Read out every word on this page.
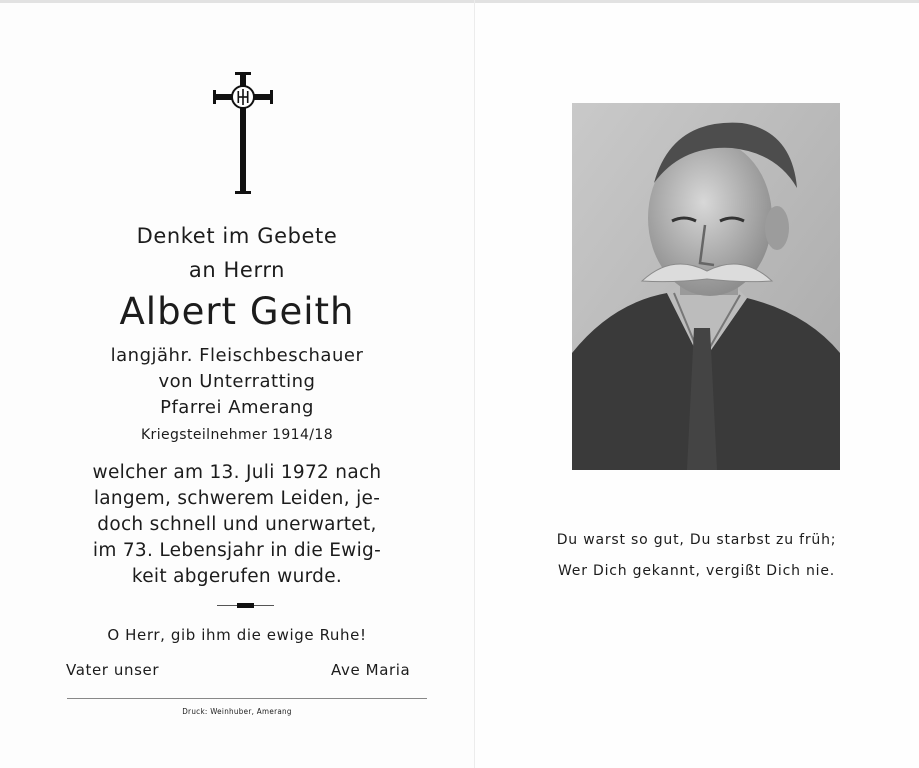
Denket im Gebete
an Herrn
Albert Geith
langjähr. Fleischbeschauer
von Unterratting
Pfarrei Amerang
Kriegsteilnehmer 1914/18
welcher am 13. Juli 1972 nach
langem, schwerem Leiden, je-
doch schnell und unerwartet,
im 73. Lebensjahr in die Ewig-
keit abgerufen wurde.
O Herr, gib ihm die ewige Ruhe!
Vater unser	Ave Maria
Druck: Weinhuber, Amerang
Du warst so gut, Du starbst zu früh;
Wer Dich gekannt, vergißt Dich nie.
